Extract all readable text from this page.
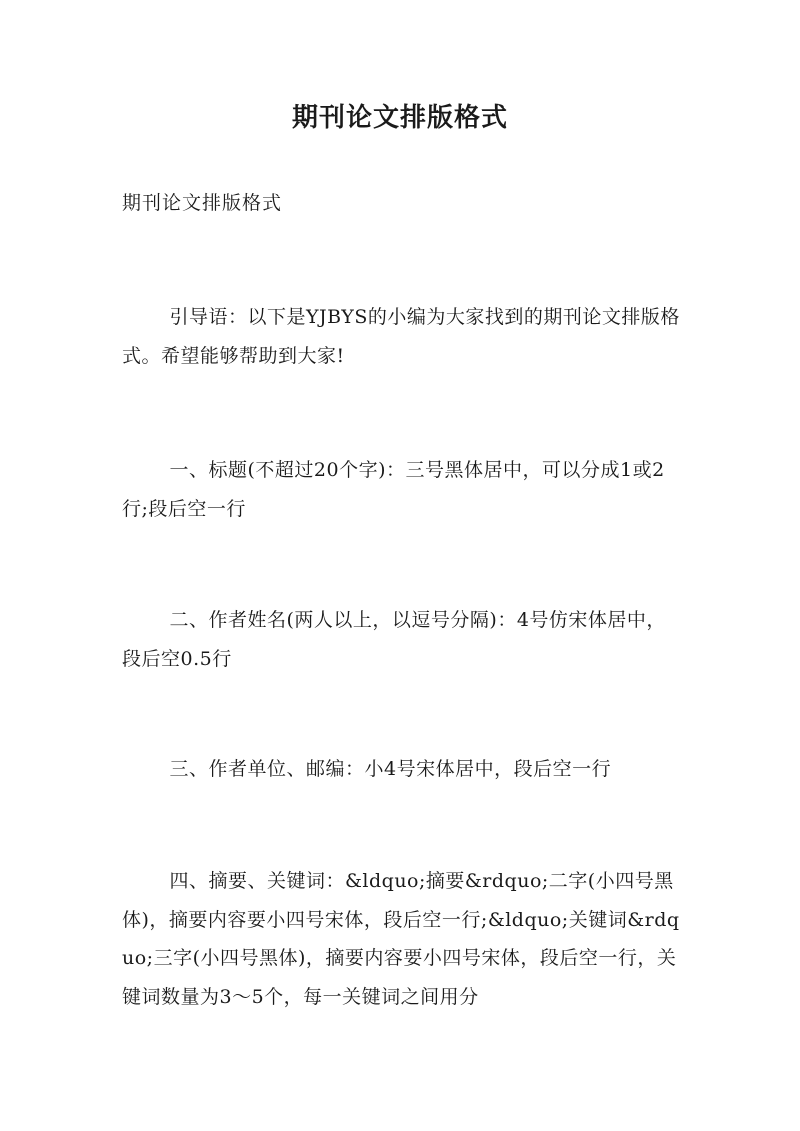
期刊论文排版格式

期刊论文排版格式

引导语：以下是YJBYS的小编为大家找到的期刊论文排版格式。希望能够帮助到大家!

一、标题(不超过20个字)：三号黑体居中，可以分成1或2行;段后空一行

二、作者姓名(两人以上，以逗号分隔)：4号仿宋体居中，段后空0.5行

三、作者单位、邮编：小4号宋体居中，段后空一行

四、摘要、关键词：&ldquo;摘要&rdquo;二字(小四号黑体)，摘要内容要小四号宋体，段后空一行;&ldquo;关键词&rdquo;三字(小四号黑体)，摘要内容要小四号宋体，段后空一行，关键词数量为3～5个，每一关键词之间用分
